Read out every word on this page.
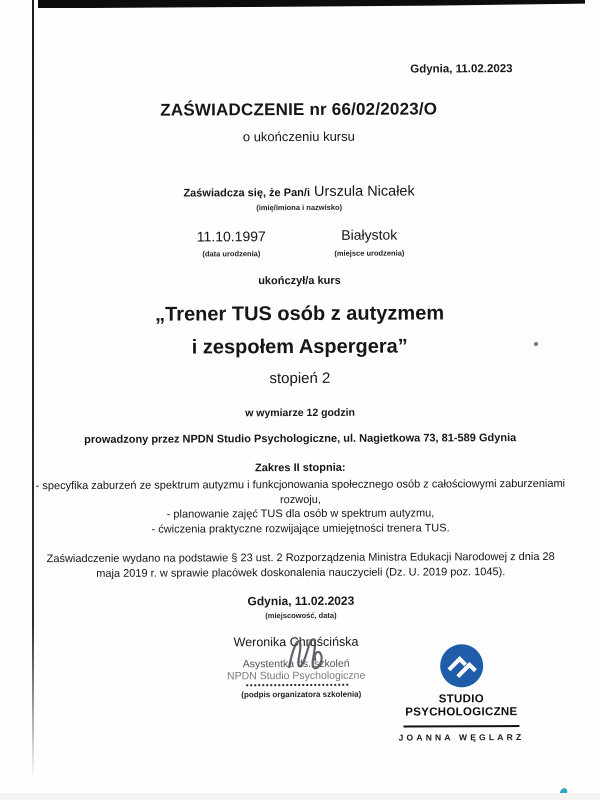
Gdynia, 11.02.2023
ZAŚWIADCZENIE nr 66/02/2023/O
o ukończeniu kursu
Zaświadcza się, że Pan/i Urszula Nicałek
(imię/imiona i nazwisko)
11.10.1997
(data urodzenia)
Białystok
(miejsce urodzenia)
ukończył/a kurs
„Trener TUS osób z autyzmem
i zespołem Aspergera”
stopień 2
w wymiarze 12 godzin
prowadzony przez NPDN Studio Psychologiczne, ul. Nagietkowa 73, 81-589 Gdynia
Zakres II stopnia:
- specyfika zaburzeń ze spektrum autyzmu i funkcjonowania społecznego osób z całościowymi zaburzeniami rozwoju,
- planowanie zajęć TUS dla osób w spektrum autyzmu,
- ćwiczenia praktyczne rozwijające umiejętności trenera TUS.
Zaświadczenie wydano na podstawie § 23 ust. 2 Rozporządzenia Ministra Edukacji Narodowej z dnia 28 maja 2019 r. w sprawie placówek doskonalenia nauczycieli (Dz. U. 2019 poz. 1045).
Gdynia, 11.02.2023
(miejscowość, data)
Weronika Chruścińska
Asystentka ds. szkoleń
NPDN Studio Psychologiczne
(podpis organizatora szkolenia)	STUDIO
PSYCHOLOGICZNE
JOANNA WĘGLARZ
